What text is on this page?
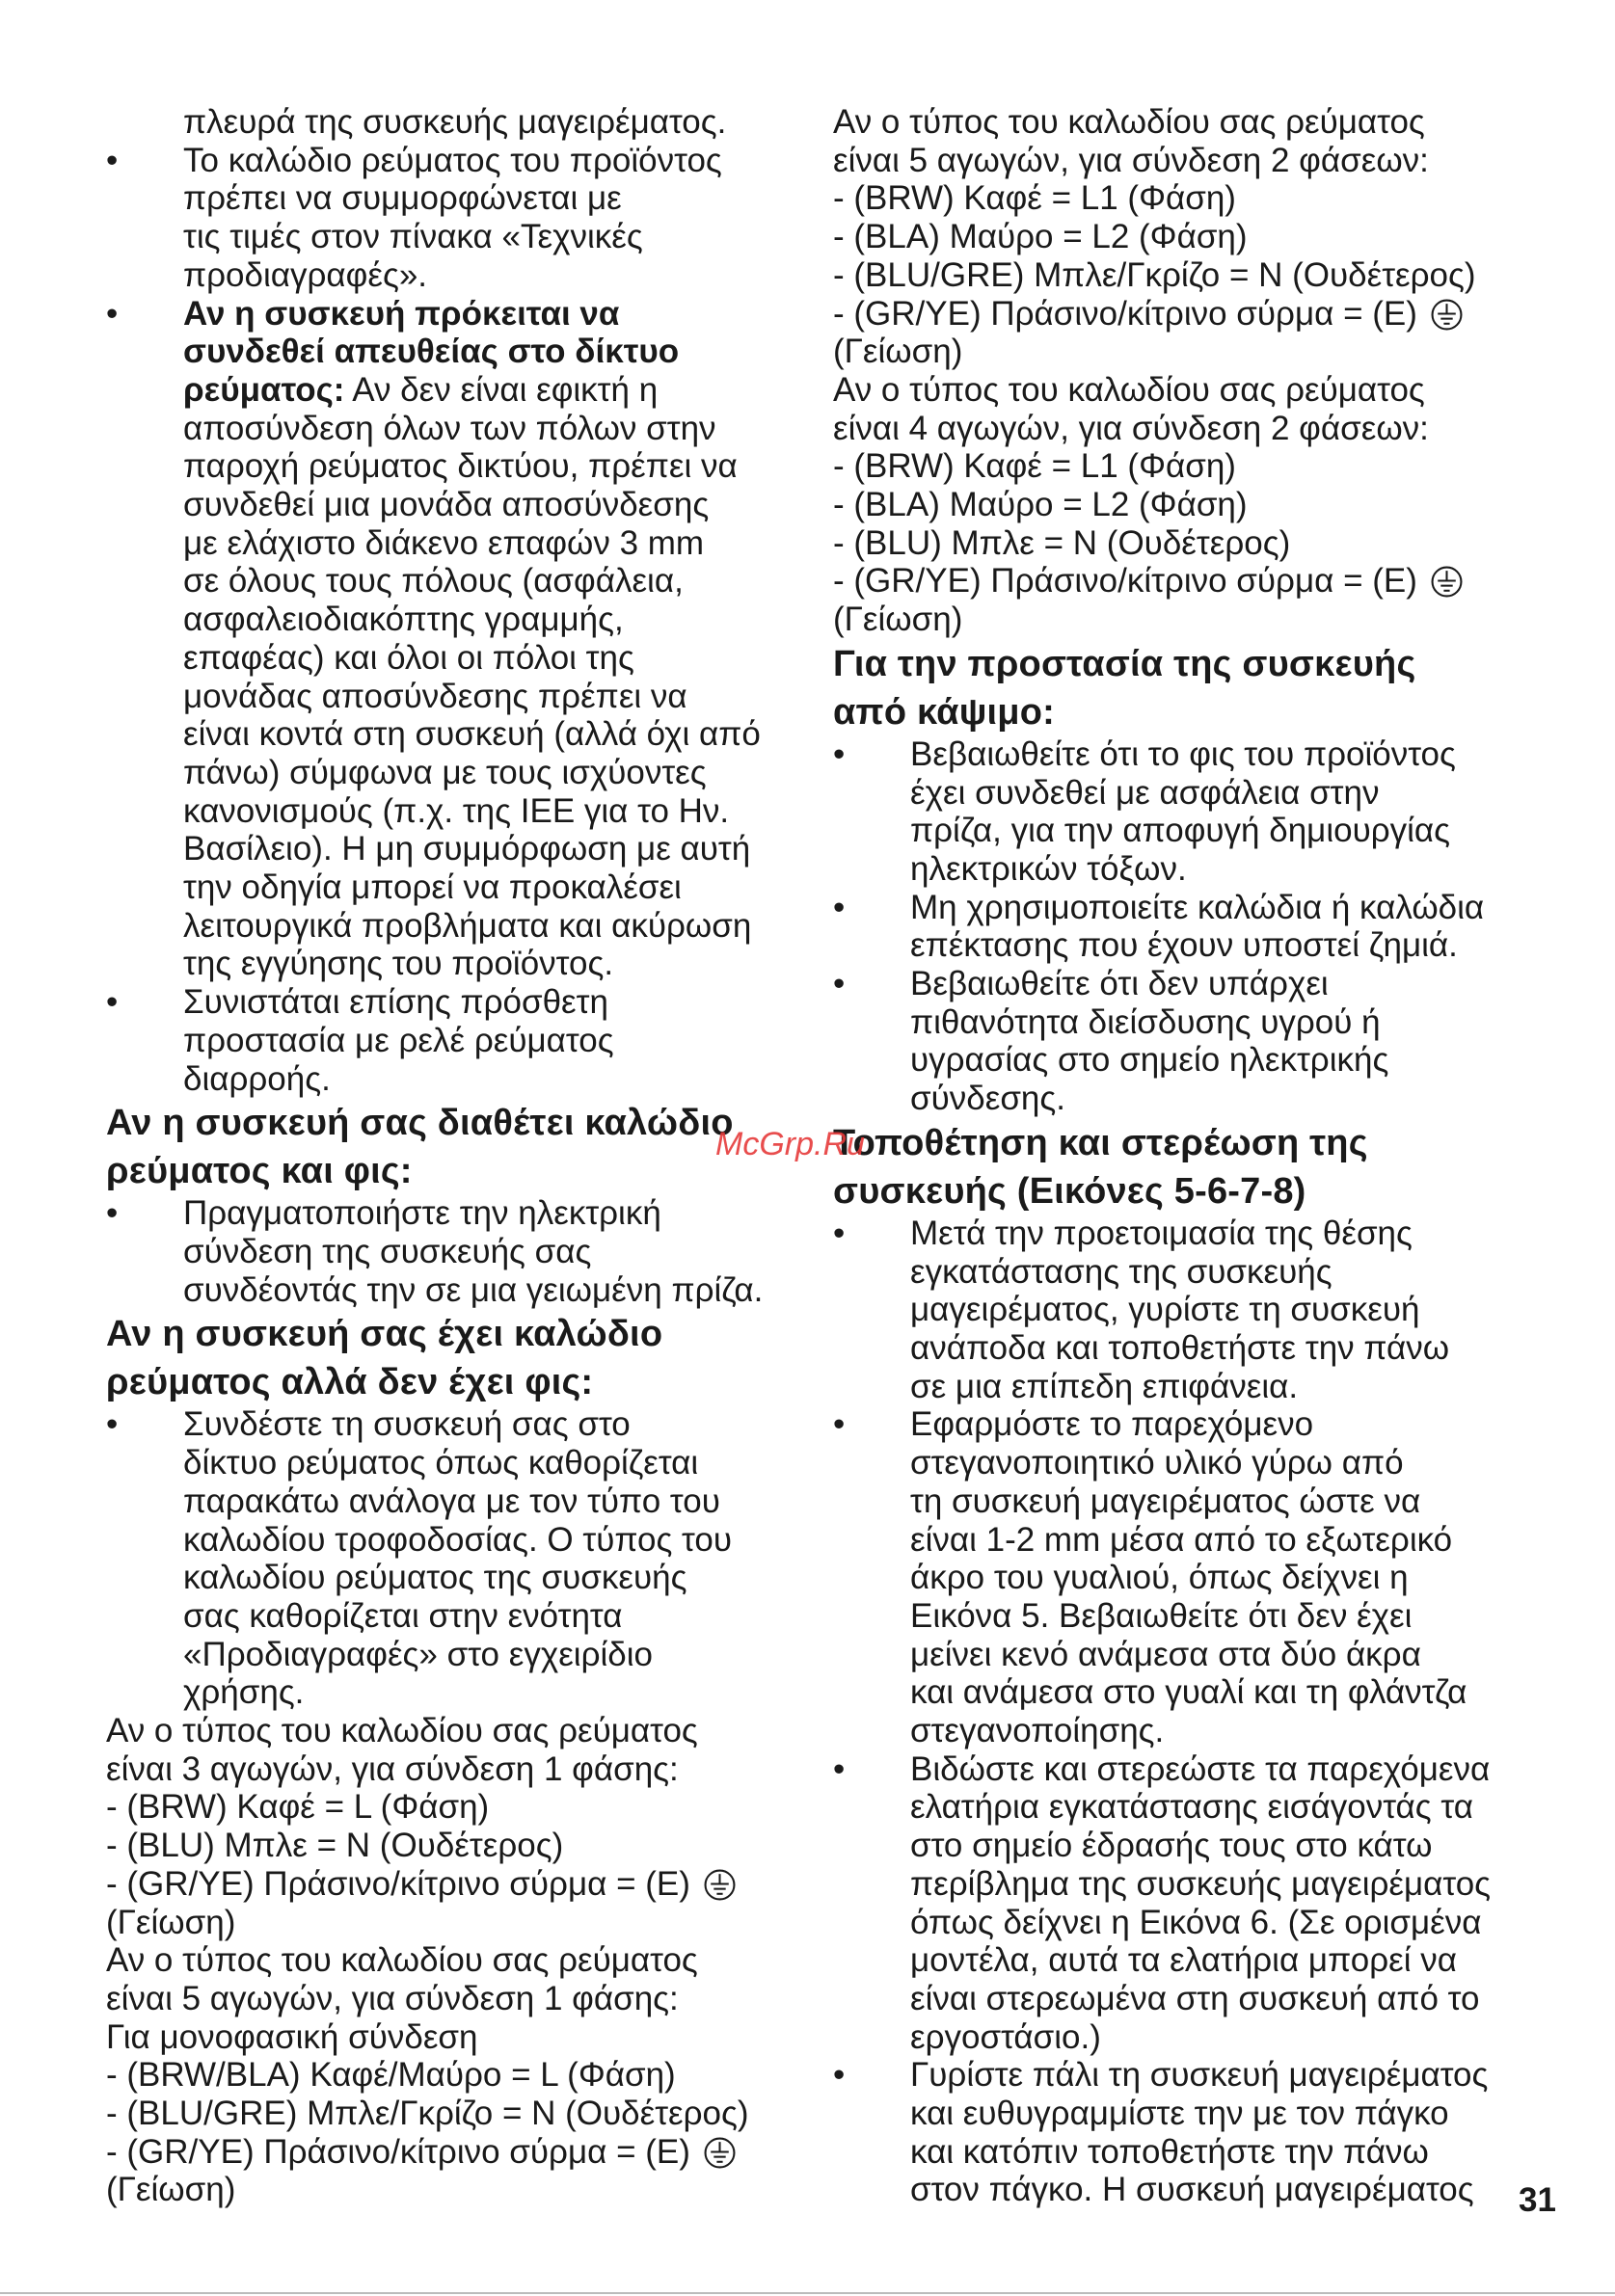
πλευρά της συσκευής μαγειρέματος.
•	Το καλώδιο ρεύματος του προϊόντος
πρέπει να συμμορφώνεται με
τις τιμές στον πίνακα «Τεχνικές
προδιαγραφές».
•	Αν η συσκευή πρόκειται να
συνδεθεί απευθείας στο δίκτυο
ρεύματος: Αν δεν είναι εφικτή η
αποσύνδεση όλων των πόλων στην
παροχή ρεύματος δικτύου, πρέπει να
συνδεθεί μια μονάδα αποσύνδεσης
με ελάχιστο διάκενο επαφών 3 mm
σε όλους τους πόλους (ασφάλεια,
ασφαλειοδιακόπτης γραμμής,
επαφέας) και όλοι οι πόλοι της
μονάδας αποσύνδεσης πρέπει να
είναι κοντά στη συσκευή (αλλά όχι από
πάνω) σύμφωνα με τους ισχύοντες
κανονισμούς (π.χ. της IEE για το Ην.
Βασίλειο). Η μη συμμόρφωση με αυτή
την οδηγία μπορεί να προκαλέσει
λειτουργικά προβλήματα και ακύρωση
της εγγύησης του προϊόντος.
•	Συνιστάται επίσης πρόσθετη
προστασία με ρελέ ρεύματος
διαρροής.
Αν η συσκευή σας διαθέτει καλώδιο
ρεύματος και φις:
•	Πραγματοποιήστε την ηλεκτρική
σύνδεση της συσκευής σας
συνδέοντάς την σε μια γειωμένη πρίζα.
Αν η συσκευή σας έχει καλώδιο
ρεύματος αλλά δεν έχει φις:
•	Συνδέστε τη συσκευή σας στο
δίκτυο ρεύματος όπως καθορίζεται
παρακάτω ανάλογα με τον τύπο του
καλωδίου τροφοδοσίας. Ο τύπος του
καλωδίου ρεύματος της συσκευής
σας καθορίζεται στην ενότητα
«Προδιαγραφές» στο εγχειρίδιο
χρήσης.
Αν ο τύπος του καλωδίου σας ρεύματος
είναι 3 αγωγών, για σύνδεση 1 φάσης:
- (BRW) Καφέ = L (Φάση)
- (BLU) Μπλε = N (Ουδέτερος)
- (GR/YE) Πράσινο/κίτρινο σύρμα = (E)
(Γείωση)
Αν ο τύπος του καλωδίου σας ρεύματος
είναι 5 αγωγών, για σύνδεση 1 φάσης:
Για μονοφασική σύνδεση
- (BRW/BLA) Καφέ/Μαύρο = L (Φάση)
- (BLU/GRE) Μπλε/Γκρίζο = N (Ουδέτερος)
- (GR/YE) Πράσινο/κίτρινο σύρμα = (E)
(Γείωση)
Αν ο τύπος του καλωδίου σας ρεύματος
είναι 5 αγωγών, για σύνδεση 2 φάσεων:
- (BRW) Καφέ = L1 (Φάση)
- (BLA) Μαύρο = L2 (Φάση)
- (BLU/GRE) Μπλε/Γκρίζο = N (Ουδέτερος)
- (GR/YE) Πράσινο/κίτρινο σύρμα = (E)
(Γείωση)
Αν ο τύπος του καλωδίου σας ρεύματος
είναι 4 αγωγών, για σύνδεση 2 φάσεων:
- (BRW) Καφέ = L1 (Φάση)
- (BLA) Μαύρο = L2 (Φάση)
- (BLU) Μπλε = N (Ουδέτερος)
- (GR/YE) Πράσινο/κίτρινο σύρμα = (E)
(Γείωση)
Για την προστασία της συσκευής
από κάψιμο:
•	Βεβαιωθείτε ότι το φις του προϊόντος
έχει συνδεθεί με ασφάλεια στην
πρίζα, για την αποφυγή δημιουργίας
ηλεκτρικών τόξων.
•	Μη χρησιμοποιείτε καλώδια ή καλώδια
επέκτασης που έχουν υποστεί ζημιά.
•	Βεβαιωθείτε ότι δεν υπάρχει
πιθανότητα διείσδυσης υγρού ή
υγρασίας στο σημείο ηλεκτρικής
σύνδεσης.
Τοποθέτηση και στερέωση της
συσκευής (Εικόνες 5-6-7-8)
•	Μετά την προετοιμασία της θέσης
εγκατάστασης της συσκευής
μαγειρέματος, γυρίστε τη συσκευή
ανάποδα και τοποθετήστε την πάνω
σε μια επίπεδη επιφάνεια.
•	Εφαρμόστε το παρεχόμενο
στεγανοποιητικό υλικό γύρω από
τη συσκευή μαγειρέματος ώστε να
είναι 1-2 mm μέσα από το εξωτερικό
άκρο του γυαλιού, όπως δείχνει η
Εικόνα 5. Βεβαιωθείτε ότι δεν έχει
μείνει κενό ανάμεσα στα δύο άκρα
και ανάμεσα στο γυαλί και τη φλάντζα
στεγανοποίησης.
•	Βιδώστε και στερεώστε τα παρεχόμενα
ελατήρια εγκατάστασης εισάγοντάς τα
στο σημείο έδρασής τους στο κάτω
περίβλημα της συσκευής μαγειρέματος
όπως δείχνει η Εικόνα 6. (Σε ορισμένα
μοντέλα, αυτά τα ελατήρια μπορεί να
είναι στερεωμένα στη συσκευή από το
εργοστάσιο.)
•	Γυρίστε πάλι τη συσκευή μαγειρέματος
και ευθυγραμμίστε την με τον πάγκο
και κατόπιν τοποθετήστε την πάνω
στον πάγκο. Η συσκευή μαγειρέματος
McGrp.Ru
31
